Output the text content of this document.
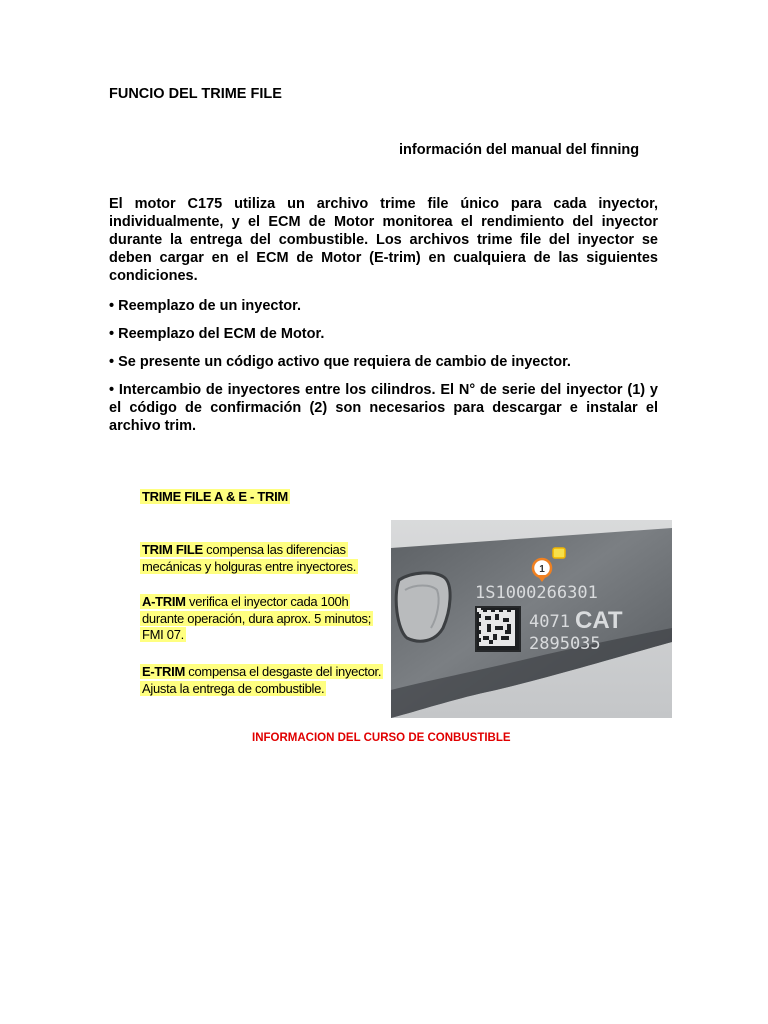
FUNCIO DEL TRIME FILE
información del manual del finning
El motor C175 utiliza un archivo trime file único para cada inyector, individualmente, y el ECM de Motor monitorea el rendimiento del inyector durante la entrega del combustible. Los archivos trime file del inyector se deben cargar en el ECM de Motor (E-trim) en cualquiera de las siguientes condiciones.
• Reemplazo de un inyector.
• Reemplazo del ECM de Motor.
• Se presente un código activo que requiera de cambio de inyector.
• Intercambio de inyectores entre los cilindros. El N° de serie del inyector (1) y el código de confirmación (2) son necesarios para descargar e instalar el archivo trim.
TRIME FILE A & E - TRIM
TRIM FILE compensa las diferencias mecánicas y holguras entre inyectores.
A-TRIM verifica el inyector cada 100h durante operación, dura aprox. 5 minutos; FMI 07.
E-TRIM compensa el desgaste del inyector. Ajusta la entrega de combustible.
1S1000266301
4071 CAT
2895035
1
INFORMACION DEL CURSO DE CONBUSTIBLE
